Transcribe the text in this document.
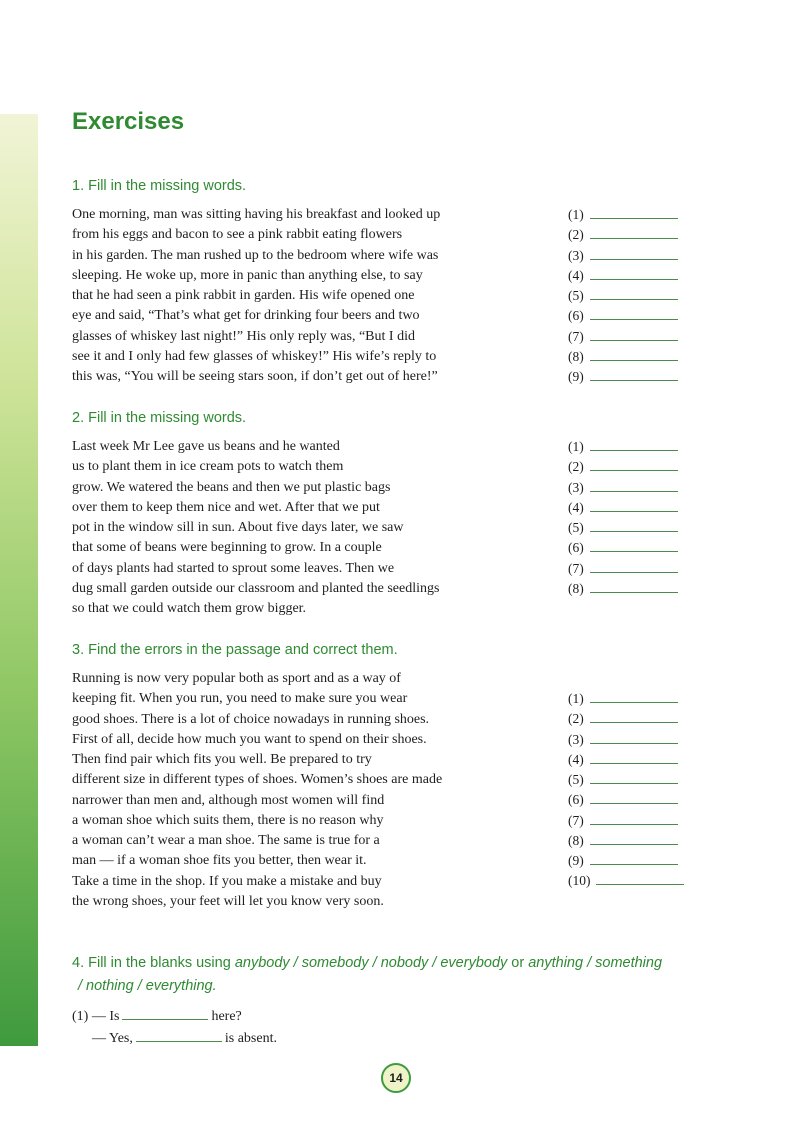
Exercises
1. Fill in the missing words.
One morning, man was sitting having his breakfast and looked up
from his eggs and bacon to see a pink rabbit eating flowers
in his garden. The man rushed up to the bedroom where wife was
sleeping. He woke up, more in panic than anything else, to say
that he had seen a pink rabbit in garden. His wife opened one
eye and said, “That’s what get for drinking four beers and two
glasses of whiskey last night!” His only reply was, “But I did
see it and I only had few glasses of whiskey!” His wife’s reply to
this was, “You will be seeing stars soon, if don’t get out of here!”
(1)
(2)
(3)
(4)
(5)
(6)
(7)
(8)
(9)
2. Fill in the missing words.
Last week Mr Lee gave us beans and he wanted
us to plant them in ice cream pots to watch them
grow. We watered the beans and then we put plastic bags
over them to keep them nice and wet. After that we put
pot in the window sill in sun. About five days later, we saw
that some of beans were beginning to grow. In a couple
of days plants had started to sprout some leaves. Then we
dug small garden outside our classroom and planted the seedlings
so that we could watch them grow bigger.
(1)
(2)
(3)
(4)
(5)
(6)
(7)
(8)
3. Find the errors in the passage and correct them.
Running is now very popular both as sport and as a way of
keeping fit. When you run, you need to make sure you wear
good shoes. There is a lot of choice nowadays in running shoes.
First of all, decide how much you want to spend on their shoes.
Then find pair which fits you well. Be prepared to try
different size in different types of shoes. Women’s shoes are made
narrower than men and, although most women will find
a woman shoe which suits them, there is no reason why
a woman can’t wear a man shoe. The same is true for a
man — if a woman shoe fits you better, then wear it.
Take a time in the shop. If you make a mistake and buy
the wrong shoes, your feet will let you know very soon.
(1)
(2)
(3)
(4)
(5)
(6)
(7)
(8)
(9)
(10)
4. Fill in the blanks using anybody / somebody / nobody / everybody or anything / something
/ nothing / everything.
(1) — Is	here?
— Yes,	is absent.
14
